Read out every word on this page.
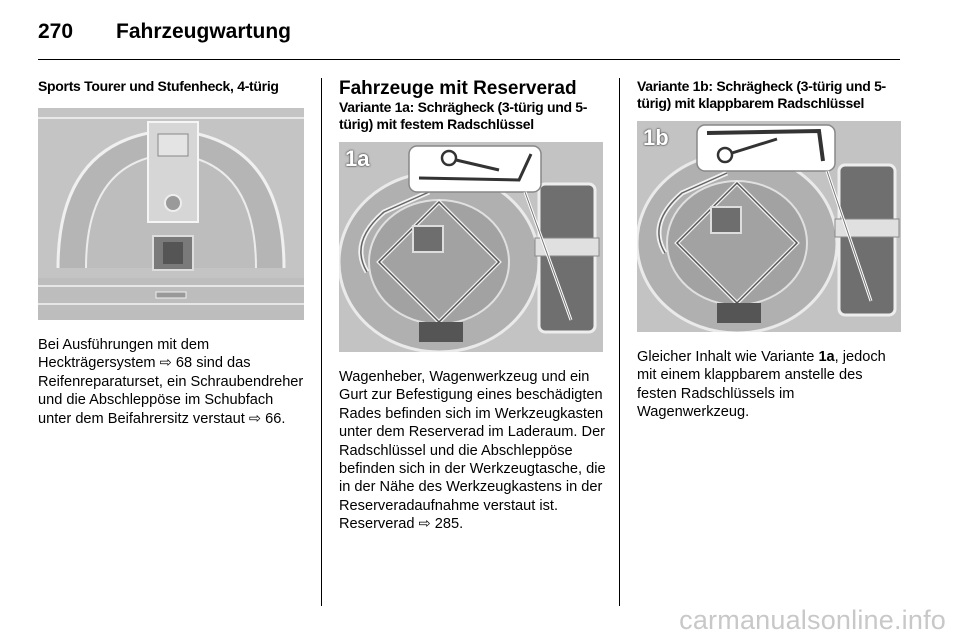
270 Fahrzeugwartung
Sports Tourer und Stufenheck, 4-türig
Bei Ausführungen mit dem Heckträgersystem ⇨ 68 sind das Reifenreparaturset, ein Schraubendreher und die Abschleppöse im Schubfach unter dem Beifahrersitz verstaut ⇨ 66.
Fahrzeuge mit Reserverad
Variante 1a: Schrägheck (3-türig und 5-türig) mit festem Radschlüssel
1a
Wagenheber, Wagenwerkzeug und ein Gurt zur Befestigung eines beschädigten Rades befinden sich im Werkzeugkasten unter dem Reserverad im Laderaum. Der Radschlüssel und die Abschleppöse befinden sich in der Werkzeugtasche, die in der Nähe des Werkzeugkastens in der Reserveradaufnahme verstaut ist. Reserverad ⇨ 285.
Variante 1b: Schrägheck (3-türig und 5-türig) mit klappbarem Radschlüssel
1b
Gleicher Inhalt wie Variante 1a, jedoch mit einem klappbarem anstelle des festen Radschlüssels im Wagenwerkzeug.
carmanualsonline.info
